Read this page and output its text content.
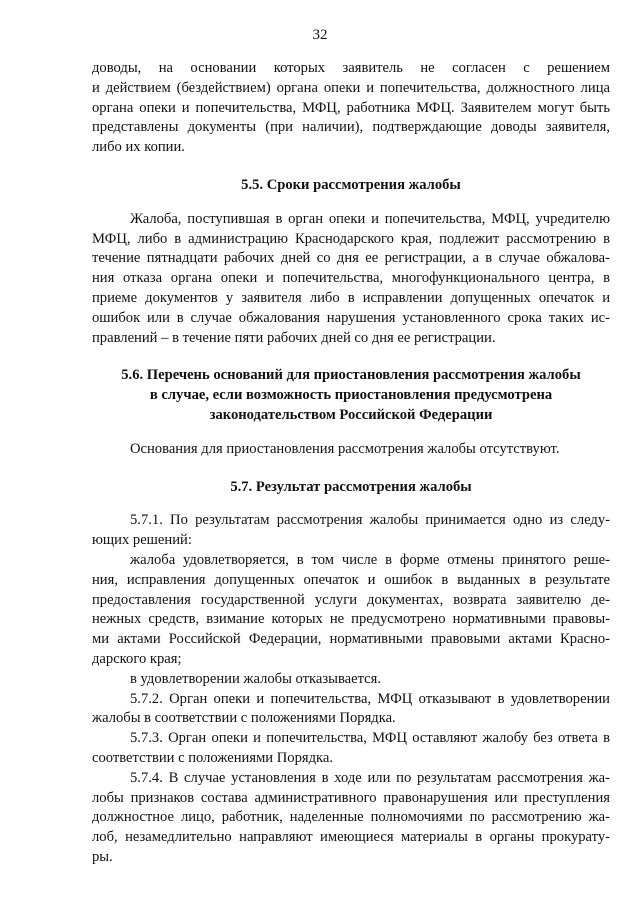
32
доводы, на основании которых заявитель не согласен с решением
и действием (бездействием) органа опеки и попечительства, должностного лица
органа опеки и попечительства, МФЦ, работника МФЦ. Заявителем могут быть
представлены документы (при наличии), подтверждающие доводы заявителя,
либо их копии.
5.5. Сроки рассмотрения жалобы
Жалоба, поступившая в орган опеки и попечительства, МФЦ, учредителю
МФЦ, либо в администрацию Краснодарского края, подлежит рассмотрению в
течение пятнадцати рабочих дней со дня ее регистрации, а в случае обжалова-
ния отказа органа опеки и попечительства, многофункционального центра, в
приеме документов у заявителя либо в исправлении допущенных опечаток и
ошибок или в случае обжалования нарушения установленного срока таких ис-
правлений – в течение пяти рабочих дней со дня ее регистрации.
5.6. Перечень оснований для приостановления рассмотрения жалобы
в случае, если возможность приостановления предусмотрена
законодательством Российской Федерации
Основания для приостановления рассмотрения жалобы отсутствуют.
5.7. Результат рассмотрения жалобы
5.7.1. По результатам рассмотрения жалобы принимается одно из следу-
ющих решений:
жалоба удовлетворяется, в том числе в форме отмены принятого реше-
ния, исправления допущенных опечаток и ошибок в выданных в результате
предоставления государственной услуги документах, возврата заявителю де-
нежных средств, взимание которых не предусмотрено нормативными правовы-
ми актами Российской Федерации, нормативными правовыми актами Красно-
дарского края;
в удовлетворении жалобы отказывается.
5.7.2. Орган опеки и попечительства, МФЦ отказывают в удовлетворении
жалобы в соответствии с положениями Порядка.
5.7.3. Орган опеки и попечительства, МФЦ оставляют жалобу без ответа в
соответствии с положениями Порядка.
5.7.4. В случае установления в ходе или по результатам рассмотрения жа-
лобы признаков состава административного правонарушения или преступления
должностное лицо, работник, наделенные полномочиями по рассмотрению жа-
лоб, незамедлительно направляют имеющиеся материалы в органы прокурату-
ры.
